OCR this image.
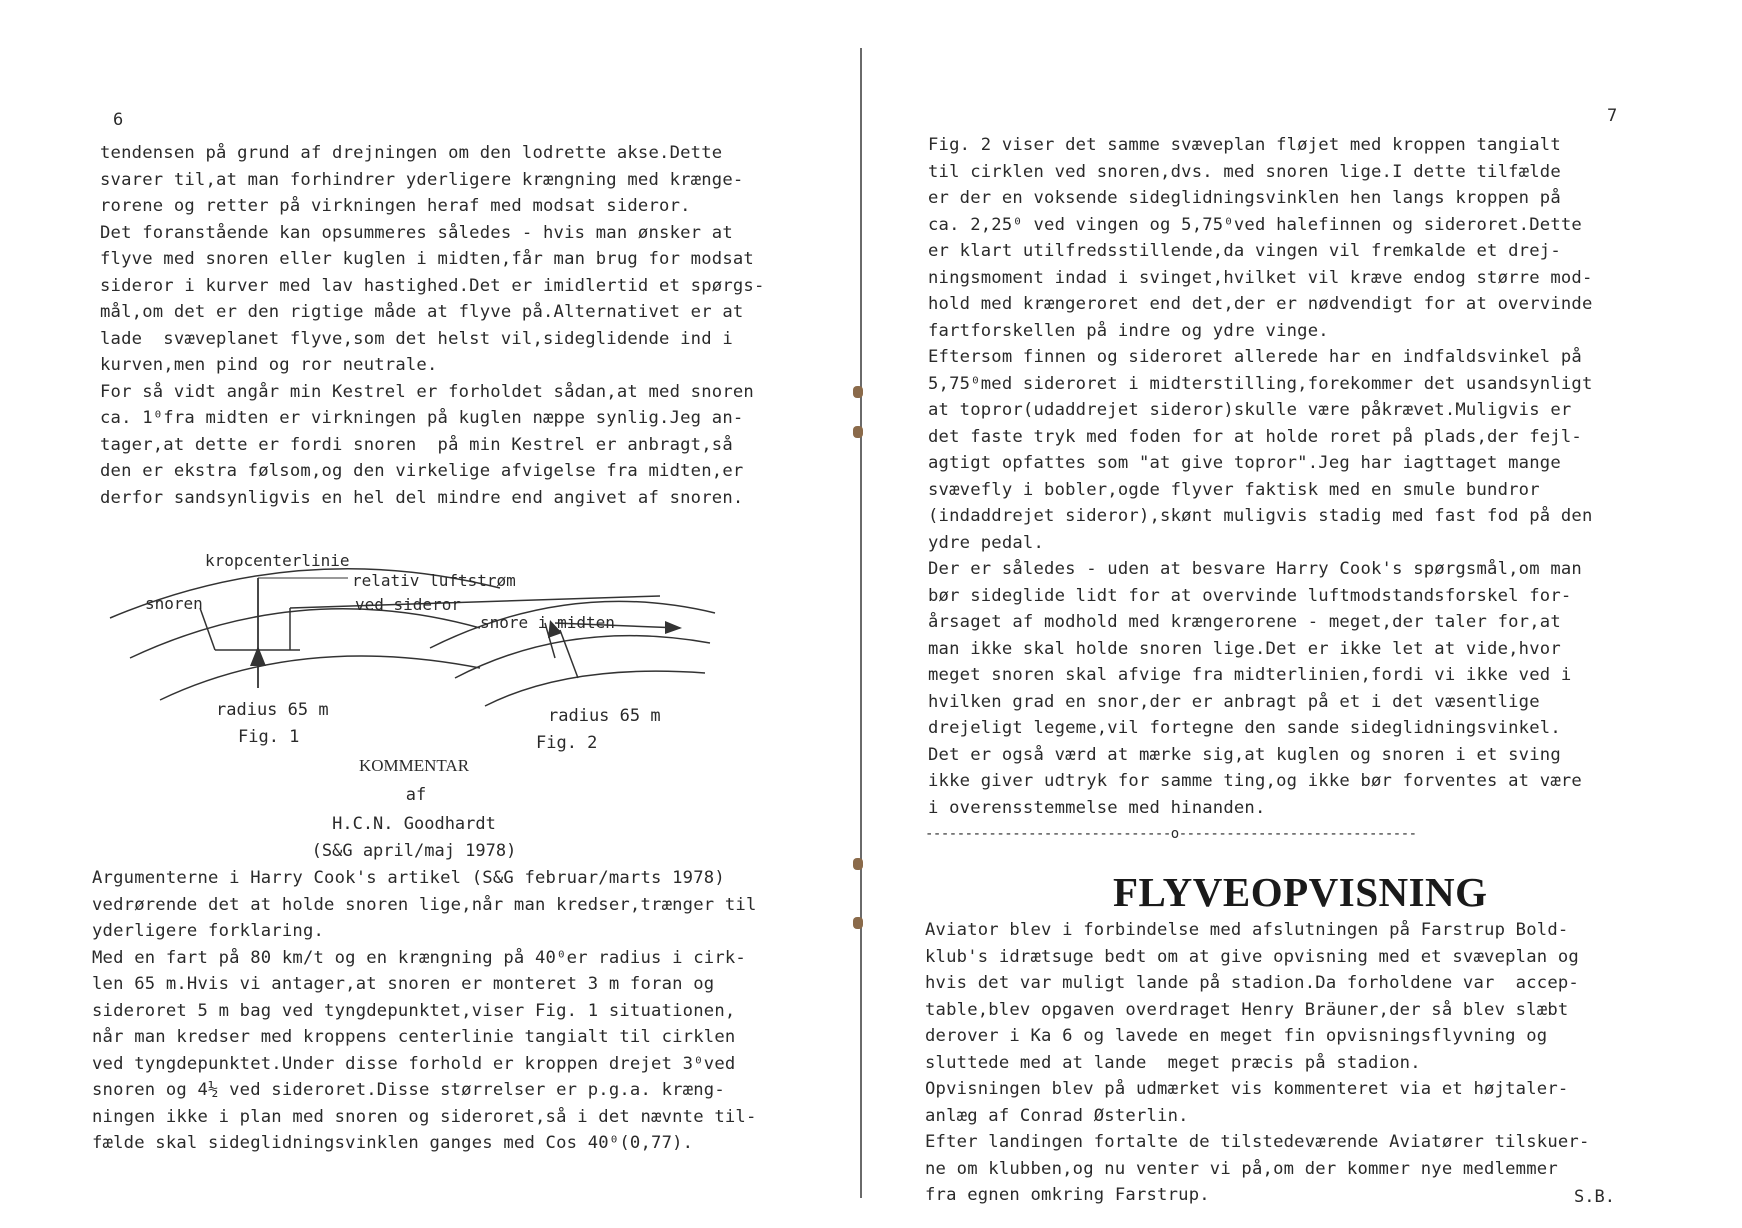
6
tendensen på grund af drejningen om den lodrette akse.Dette
svarer til,at man forhindrer yderligere krængning med krænge-
rorene og retter på virkningen heraf med modsat sideror.
Det foranstående kan opsummeres således - hvis man ønsker at
flyve med snoren eller kuglen i midten,får man brug for modsat
sideror i kurver med lav hastighed.Det er imidlertid et spørgs-
mål,om det er den rigtige måde at flyve på.Alternativet er at
lade  svæveplanet flyve,som det helst vil,sideglidende ind i
kurven,men pind og ror neutrale.
For så vidt angår min Kestrel er forholdet sådan,at med snoren
ca. 1⁰fra midten er virkningen på kuglen næppe synlig.Jeg an-
tager,at dette er fordi snoren  på min Kestrel er anbragt,så
den er ekstra følsom,og den virkelige afvigelse fra midten,er
derfor sandsynligvis en hel del mindre end angivet af snoren.
kropcenterlinie
relativ luftstrøm
snoren	ved sideror
snore i midten
radius 65 m
Fig. 1
radius 65 m
Fig. 2
KOMMENTAR
af
H.C.N. Goodhardt
(S&G april/maj 1978)
Argumenterne i Harry Cook's artikel (S&G februar/marts 1978)
vedrørende det at holde snoren lige,når man kredser,trænger til
yderligere forklaring.
Med en fart på 80 km/t og en krængning på 40⁰er radius i cirk-
len 65 m.Hvis vi antager,at snoren er monteret 3 m foran og
sideroret 5 m bag ved tyngdepunktet,viser Fig. 1 situationen,
når man kredser med kroppens centerlinie tangialt til cirklen
ved tyngdepunktet.Under disse forhold er kroppen drejet 3⁰ved
snoren og 4½ ved sideroret.Disse størrelser er p.g.a. kræng-
ningen ikke i plan med snoren og sideroret,så i det nævnte til-
fælde skal sideglidningsvinklen ganges med Cos 40⁰(0,77).
7
Fig. 2 viser det samme svæveplan fløjet med kroppen tangialt
til cirklen ved snoren,dvs. med snoren lige.I dette tilfælde
er der en voksende sideglidningsvinklen hen langs kroppen på
ca. 2,25⁰ ved vingen og 5,75⁰ved halefinnen og sideroret.Dette
er klart utilfredsstillende,da vingen vil fremkalde et drej-
ningsmoment indad i svinget,hvilket vil kræve endog større mod-
hold med krængeroret end det,der er nødvendigt for at overvinde
fartforskellen på indre og ydre vinge.
Eftersom finnen og sideroret allerede har en indfaldsvinkel på
5,75⁰med sideroret i midterstilling,forekommer det usandsynligt
at topror(udaddrejet sideror)skulle være påkrævet.Muligvis er
det faste tryk med foden for at holde roret på plads,der fejl-
agtigt opfattes som "at give topror".Jeg har iagttaget mange
svævefly i bobler,ogde flyver faktisk med en smule bundror
(indaddrejet sideror),skønt muligvis stadig med fast fod på den
ydre pedal.
Der er således - uden at besvare Harry Cook's spørgsmål,om man
bør sideglide lidt for at overvinde luftmodstandsforskel for-
årsaget af modhold med krængerorene - meget,der taler for,at
man ikke skal holde snoren lige.Det er ikke let at vide,hvor
meget snoren skal afvige fra midterlinien,fordi vi ikke ved i
hvilken grad en snor,der er anbragt på et i det væsentlige
drejeligt legeme,vil fortegne den sande sideglidningsvinkel.
Det er også værd at mærke sig,at kuglen og snoren i et sving
ikke giver udtryk for samme ting,og ikke bør forventes at være
i overensstemmelse med hinanden.
-------------------------------o------------------------------
FLYVEOPVISNING
Aviator blev i forbindelse med afslutningen på Farstrup Bold-
klub's idrætsuge bedt om at give opvisning med et svæveplan og
hvis det var muligt lande på stadion.Da forholdene var  accep-
table,blev opgaven overdraget Henry Bräuner,der så blev slæbt
derover i Ka 6 og lavede en meget fin opvisningsflyvning og
sluttede med at lande  meget præcis på stadion.
Opvisningen blev på udmærket vis kommenteret via et højtaler-
anlæg af Conrad Østerlin.
Efter landingen fortalte de tilstedeværende Aviatører tilskuer-
ne om klubben,og nu venter vi på,om der kommer nye medlemmer
fra egnen omkring Farstrup.	S.B.
